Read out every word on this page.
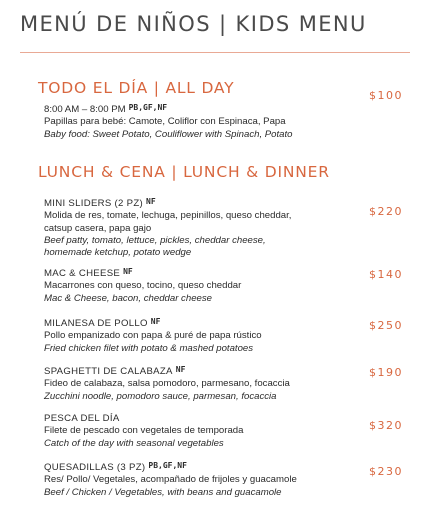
MENÚ DE NIÑOS | KIDS MENU
TODO EL DÍA | ALL DAY	$100
8:00 AM – 8:00 PM $^{PB,GF,NF}$
Papillas para bebé: Camote, Coliflor con Espinaca, Papa
Baby food: Sweet Potato, Couliflower with Spinach, Potato
LUNCH & CENA | LUNCH & DINNER
MINI SLIDERS (2 PZ) $^{NF}$
Molida de res, tomate, lechuga, pepinillos, queso cheddar,
catsup casera, papa gajo
Beef patty, tomato, lettuce, pickles, cheddar cheese,
homemade ketchup, potato wedge
$220
MAC & CHEESE $^{NF}$
Macarrones con queso, tocino, queso cheddar
Mac & Cheese, bacon, cheddar cheese
$140
MILANESA DE POLLO $^{NF}$
Pollo empanizado con papa & puré de papa rústico
Fried chicken filet with potato & mashed potatoes
$250
SPAGHETTI DE CALABAZA $^{NF}$
Fideo de calabaza, salsa pomodoro, parmesano, focaccia
Zucchini noodle, pomodoro sauce, parmesan, focaccia
$190
PESCA DEL DÍA
Filete de pescado con vegetales de temporada
Catch of the day with seasonal vegetables
$320
QUESADILLAS (3 PZ) $^{PB,GF,NF}$
Res/ Pollo/ Vegetales, acompañado de frijoles y guacamole
Beef / Chicken / Vegetables, with beans and guacamole
$230
